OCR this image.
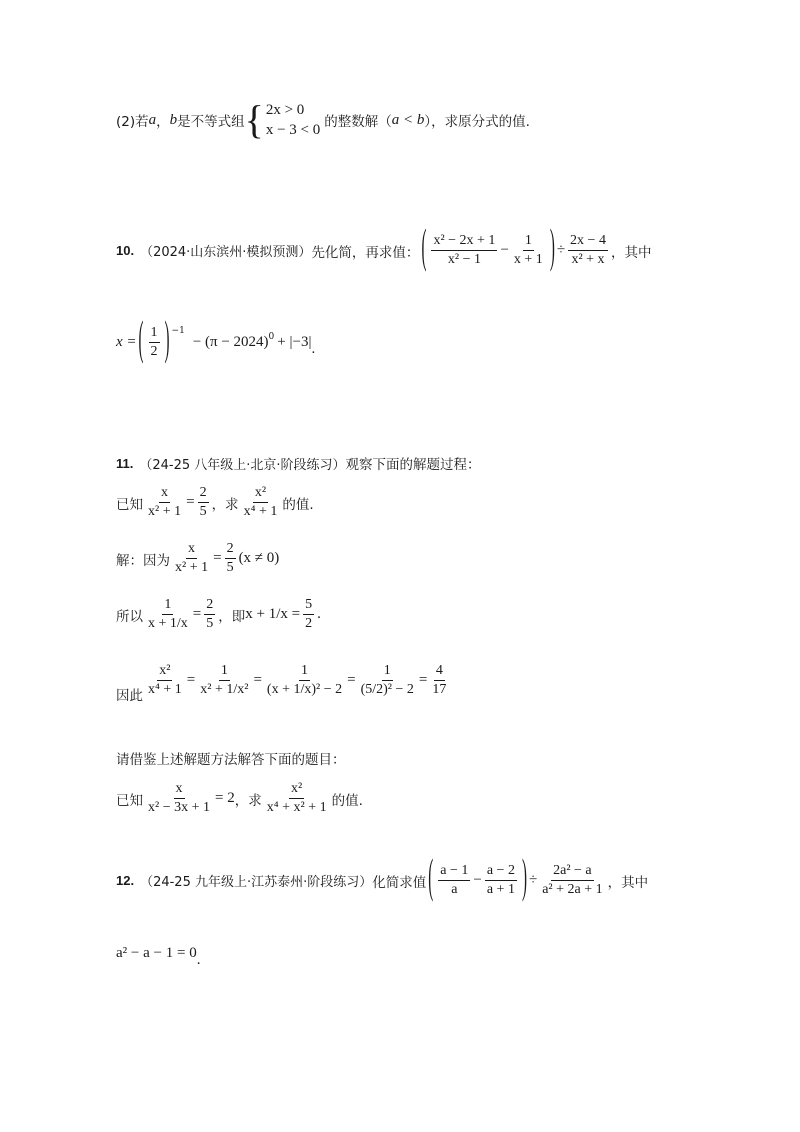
(2)若 a ， b 是不等式组 { 2x > 0
x − 3 < 0 的整数解（ a < b ），求原分式的值.
10. （2024·山东滨州·模拟预测） 先化简，再求值： ( $\frac{\text{x² − 2x + 1}}{\text{x² − 1}} - \frac{1}{x + 1}$ ) ÷ $\frac{2x - 4}{\text{x² + x}}$ ，其中
x = ( $\frac{1}{2} )^{-1}$
− $(\pi - 2024)^0 + |-3|$ .
11. （24-25 八年级上·北京·阶段练习） 观察下面的解题过程：
已知 $\frac{x}{\text{x² + 1}} = \frac{2}{5}$ ，求 $\frac{\text{x²}}{\text{x⁴ + 1}}$ 的值.
解：因为 $\frac{x}{\text{x² + 1}} = \frac{2}{5} (x \ne 0)$
所以 $\frac{1}{x + 1/x} = \frac{2}{5}$ ，即 $x + 1/x = \frac{5}{2}$ .
因此 $\frac{\text{x²}}{\text{x⁴ + 1}} = \frac{1}{\text{x² + 1/x²}} = \frac{1}{\text{(x + 1/x)² − 2}} = \frac{1}{\text{(5/2)² − 2}} = \frac{4}{17}$
请借鉴上述解题方法解答下面的题目：
已知 $\frac{x}{\text{x² − 3x + 1}} = 2$ ，求 $\frac{\text{x²}}{\text{x⁴ + x² + 1}}$ 的值.
12. （24-25 九年级上·江苏泰州·阶段练习） 化简求值 ( $\frac{a - 1}{a} - \frac{a - 2}{a + 1}$ ) ÷ $\frac{\text{2a² − a}}{\text{a² + 2a + 1}}$ ，其中
a² − a − 1 = 0 .
